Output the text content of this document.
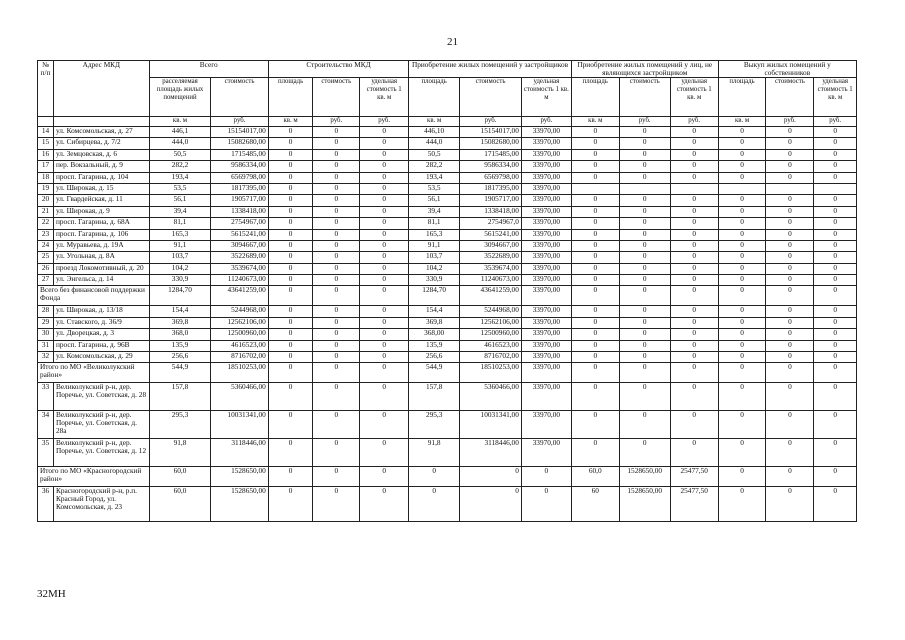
21
№ п/п	Адрес МКД	Всего		Строительство МКД			Приобретение жилых помещений у застройщиков			Приобретение жилых помещений у лиц, не являющихся застройщиком			Выкуп жилых помещений у собственников		
		расселяемая площадь жилых помещений	стоимость	площадь	стоимость	удельная стоимость 1 кв. м	площадь	стоимость	удельная стоимость 1 кв. м	площадь	стоимость	удельная стоимость 1 кв. м	площадь	стоимость	удельная стоимость 1 кв. м
		кв. м	руб.	кв. м	руб.	руб.	кв. м	руб.	руб.	кв. м	руб.	руб.	кв. м	руб.	руб.
14	ул. Комсомольская, д. 27	446,1	15154017,00	0	0	0	446,10	15154017,00	33970,00	0	0	0	0	0	0
15	ул. Сибирцева, д. 7/2	444,0	15082680,00	0	0	0	444,0	15082680,00	33970,00	0	0	0	0	0	0
16	ул. Земцовская, д. 6	50,5	1715485,00	0	0	0	50,5	1715485,00	33970,00	0	0	0	0	0	0
17	пер. Вокзальный, д. 9	282,2	9586334,00	0	0	0	282,2	9586334,00	33970,00	0	0	0	0	0	0
18	просп. Гагарина, д. 104	193,4	6569798,00	0	0	0	193,4	6569798,00	33970,00	0	0	0	0	0	0
19	ул. Широкая, д. 15	53,5	1817395,00	0	0	0	53,5	1817395,00	33970,00						
20	ул. Гвардейская, д. 11	56,1	1905717,00	0	0	0	56,1	1905717,00	33970,00	0	0	0	0	0	0
21	ул. Широкая, д. 9	39,4	1338418,00	0	0	0	39,4	1338418,00	33970,00	0	0	0	0	0	0
22	просп. Гагарина, д. 68А	81,1	2754967,00	0	0	0	81,1	2754967,0	33970,00	0	0	0	0	0	0
23	просп. Гагарина, д. 106	165,3	5615241,00	0	0	0	165,3	5615241,00	33970,00	0	0	0	0	0	0
24	ул. Муравьева, д. 19А	91,1	3094667,00	0	0	0	91,1	3094667,00	33970,00	0	0	0	0	0	0
25	ул. Угольная, д. 8А	103,7	3522689,00	0	0	0	103,7	3522689,00	33970,00	0	0	0	0	0	0
26	проезд Локомотивный, д. 20	104,2	3539674,00	0	0	0	104,2	3539674,00	33970,00	0	0	0	0	0	0
27	ул. Энгельса, д. 14	330,9	11240673,00	0	0	0	330,9	11240673,00	33970,00	0	0	0	0	0	0
Всего без финансовой поддержки Фонда		1284,70	43641259,00	0	0	0	1284,70	43641259,00	33970,00	0	0	0	0	0	0
28	ул. Широкая, д. 13/18	154,4	5244968,00	0	0	0	154,4	5244968,00	33970,00	0	0	0	0	0	0
29	ул. Ставского, д. 36/9	369,8	12562106,00	0	0	0	369,8	12562106,00	33970,00	0	0	0	0	0	0
30	ул. Дворецкая, д. 3	368,0	12500960,00	0	0	0	368,00	12500960,00	33970,00	0	0	0	0	0	0
31	просп. Гагарина, д. 96В	135,9	4616523,00	0	0	0	135,9	4616523,00	33970,00	0	0	0	0	0	0
32	ул. Комсомольская, д. 29	256,6	8716702,00	0	0	0	256,6	8716702,00	33970,00	0	0	0	0	0	0
Итого по МО «Великолукский район»		544,9	18510253,00	0	0	0	544,9	18510253,00	33970,00	0	0	0	0	0	0
33	Великолукский р-н, дер. Поречье, ул. Советская, д. 28	157,8	5360466,00	0	0	0	157,8	5360466,00	33970,00	0	0	0	0	0	0
34	Великолукский р-н, дер. Поречье, ул. Советская, д. 28а	295,3	10031341,00	0	0	0	295,3	10031341,00	33970,00	0	0	0	0	0	0
35	Великолукский р-н, дер. Поречье, ул. Советская, д. 12	91,8	3118446,00	0	0	0	91,8	3118446,00	33970,00	0	0	0	0	0	0
Итого по МО «Красногородский район»		60,0	1528650,00	0	0	0	0	0	0	60,0	1528650,00	25477,50	0	0	0
36	Красногородский р-н, р.п. Красный Город, ул. Комсомольская, д. 23	60,0	1528650,00	0	0	0	0	0	0	60	1528650,00	25477,50	0	0	0
32МН
